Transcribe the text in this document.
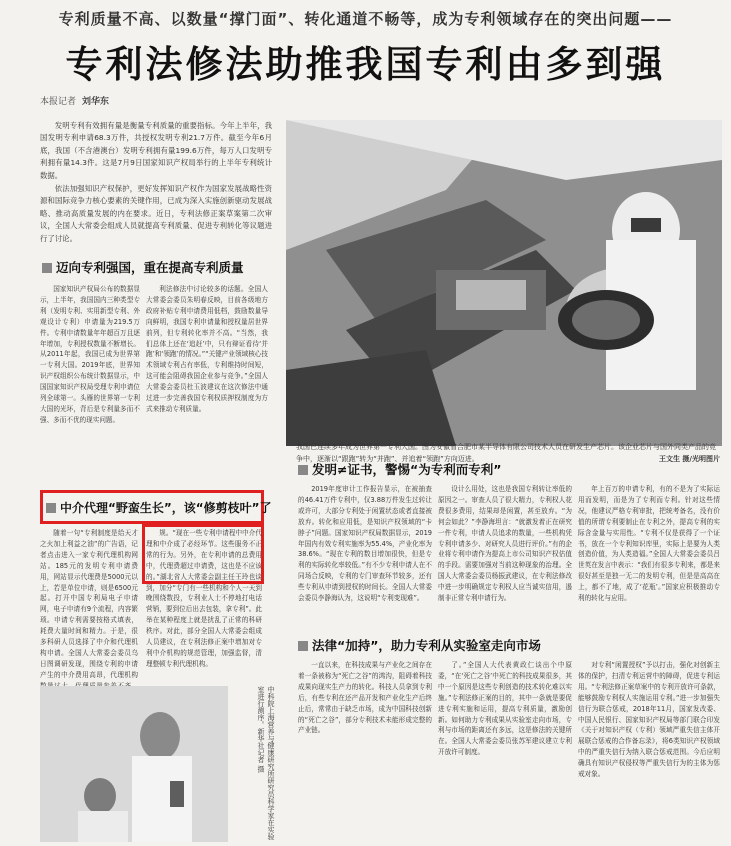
专利质量不高、以数量“撑门面”、转化通道不畅等，成为专利领域存在的突出问题——
专利法修法助推我国专利由多到强
本报记者 刘华东

发明专利有效拥有量是衡量专利质量的重要指标。今年上半年，我国发明专利申请68.3万件，共授权发明专利21.7万件。截至今年6月底，我国（不含港澳台）发明专利拥有量199.6万件，每万人口发明专利拥有量14.3件。这是7月9日国家知识产权局举行的上半年专利统计数据。

依法加强知识产权保护，更好发挥知识产权作为国家发展战略性资源和国际竞争力核心要素的关键作用，已成为深入实施创新驱动发展战略、推动高质量发展的内在要求。近日，专利法修正案草案第二次审议，全国人大常委会组成人员就提高专利质量、促进专利转化等议题进行了讨论。

我国已连续多年成为世界第一专利大国。图为安徽省合肥市某半导体有限公司技术人员在研发生产芯片。该企业芯片与国外同类产品的竞争中，逐渐以“跟跑”转为“并跑”、并追着“领跑”方向迈进。	王文生 摄/光明图片
迈向专利强国，重在提高专利质量

国家知识产权局公布的数据显示，上半年，我国国内三种类型专利（发明专利、实用新型专利、外观设计专利）申请量为219.5万件。专利申请数量年年超百万且逐年增加，专利授权数量不断增长。从2011年起，我国已成为世界第一专利大国。2019年底，世界知识产权组织公布统计数据显示，中国国家知识产权局受理专利申请位列全球第一。头雁的世界第一专利大国的光环，背后是专利量多而不强、多而不优的现实问题。

利法修法中讨论较多的话题。全国人大常委会委员朱明春反映，目前各级地方政府补贴专利申请费用低档，鼓励数量导向鲜明，我国专利申请量和授权量居世界前列，但专利转化率并不高。“当然，我们总体上还在‘追赶’中，只有辩证看待‘并跑’和‘领跑’的情况。”“关键产业领域核心技术领域专利占有率低，专利维持时间短，这可能会阻碍我国企业参与竞争。”全国人大常委会委员杜玉波建议在这次修法中通过进一步完善我国专利权质押权制度为方式来推动专利质量。

中介代理“野蛮生长”，该“修剪枝叶”了

随着一句“专利制度是给天才之火加上利益之油”的广告语，记者点击进入一家专利代理机构网站。185元的发明专利申请费用，网站显示代理费是5000元以上，若是单位申请，则是6500元起。打开中国专利局电子申请网，电子申请有9个流程，内容繁琐。申请专利需要按格式填表，耗费大量时间和精力。于是，很多科研人员选择了中介和代理机构申请。全国人大常委会委员乌日图调研发现，围绕专利的申请产生的中介费用高昂，代理机构

规。“现在一些专利申请程中中介代理和中介成了必经环节。这些服务不正常的行为。另外，在专利申请的总费用中，代理费超过申请费，这也是不应该的。”湖北省人大常委会副主任王玲也谈到，加分“专门有一些机构和个人一天到晚围绕数投，专利业人士不停地打电话营销，要到位后出去包装，拿专利”。此举在某种程度上就是扰乱了正常的科研秩序。对此，部分全国人大常委会组成人员建议，在专利法修正案中增加对专利中介机构的规范管理，加强监督，清理整顿专利代理机构。

发明≠证书，警惕“为专利而专利”

2019年度审计工作报告显示，在被抽查的46.41万件专利中，仅3.88万件发生过转让或许可，大部分专利处于闲置状态或者直接被放弃。转化和应用低，是知识产权领域的“卡脖子”问题。国家知识产权局数据显示，2019年国内有效专利实施率为55.4%，产业化率为38.6%。“现在专利的数目增加很快，但是专利的实际转化率较低。”有不少专利申请人在不同场合反映，专利的专门审查环节较多，还有些专利从申请到授权的时间长。全国人大常委会委员李静海认为，这说明“专利变现难”。

设计么用处，这也是我国专利转让率低的原因之一。审查人员了很大精力，专利权人花费很多费用，结果却是闲置，甚至放弃。“为何会如此？”李静海坦言：“就激发着正在研究一件专利，申请人员追求的数量，一些机构凭专利申请多少、对研究人员进行评价。”有的企业将专利申请作为提高上市公司知识产权估值的手段。需要加强对当前这种现象的治理。全国人大常委会委员杨振武建议，在专利法修改中进一步明确规定专利权人应当诚实信用，遏制非正常专利申请行为。

年上百万的申请专利，有的不是为了实际运用而发明，而是为了专利而专利。针对这些情况，他建议严格专利审批，把统考备名，没有价值的所谓专利要制止在专利之外，提高专利的实际含金量与实用性。“专利不仅是获得了一个证书，放在一个专利知识库里，实际上是要为人类创造价值，为人类造福。”全国人大常委会委员吕世英在发言中表示：“我们有很多专利来，都是来很好甚至是独一无二的发明专利，但是是高高在上，都不了地，成了‘花瓶’。”国家应积极推动专利的转化与应用。

法律“加持”，助力专利从实验室走向市场

一直以来，在科技成果与产业化之间存在着一条被称为“死亡之谷”的鸿沟，阻碍着科技成果向现实生产力的转化。科技人员拿到专利后，有些专利在还产品开发和产业化生产后终止后，常常由于缺乏市场，成为中国科技创新的“死亡之谷”，部分专利技术未能形成完整的产业链。

了。”全国人大代表黄政仁谈出个中原委，“在‘死亡之谷’中死亡的科技成果很多，其中一个原因是这些专利创造的技术转化难以实施。”专利法修正案的目的，其中一条就是要促进专利实施和运用，提高专利质量，激励创新。如何助力专利成果从实验室走向市场，专利与市场的距离还有多远，这是修法的关键所在。全国人大常委会委员张苏军建议建立专利开放许可制度。

对专利“闲置授权”予以打击，强化对创新主体的保护，扫清专利运营中的障碍，促进专利运用。“专利法修正案草案中的专利开放许可条款，能够鼓励专利权人实施运用专利。”进一步加强失信行为联合惩戒，2018年11月，国家发改委、中国人民银行、国家知识产权局等部门联合印发《关于对知识产权（专利）领域严重失信主体开展联合惩戒的合作备忘录》，将6类知识产权领域中的严重失信行为纳入联合惩戒范围。今后应明确具有知识产权侵权等严重失信行为的主体为惩戒对象。

中科院上海营养与健康研究所研究员科学家在实验室进行测序。新华社记者 摄
